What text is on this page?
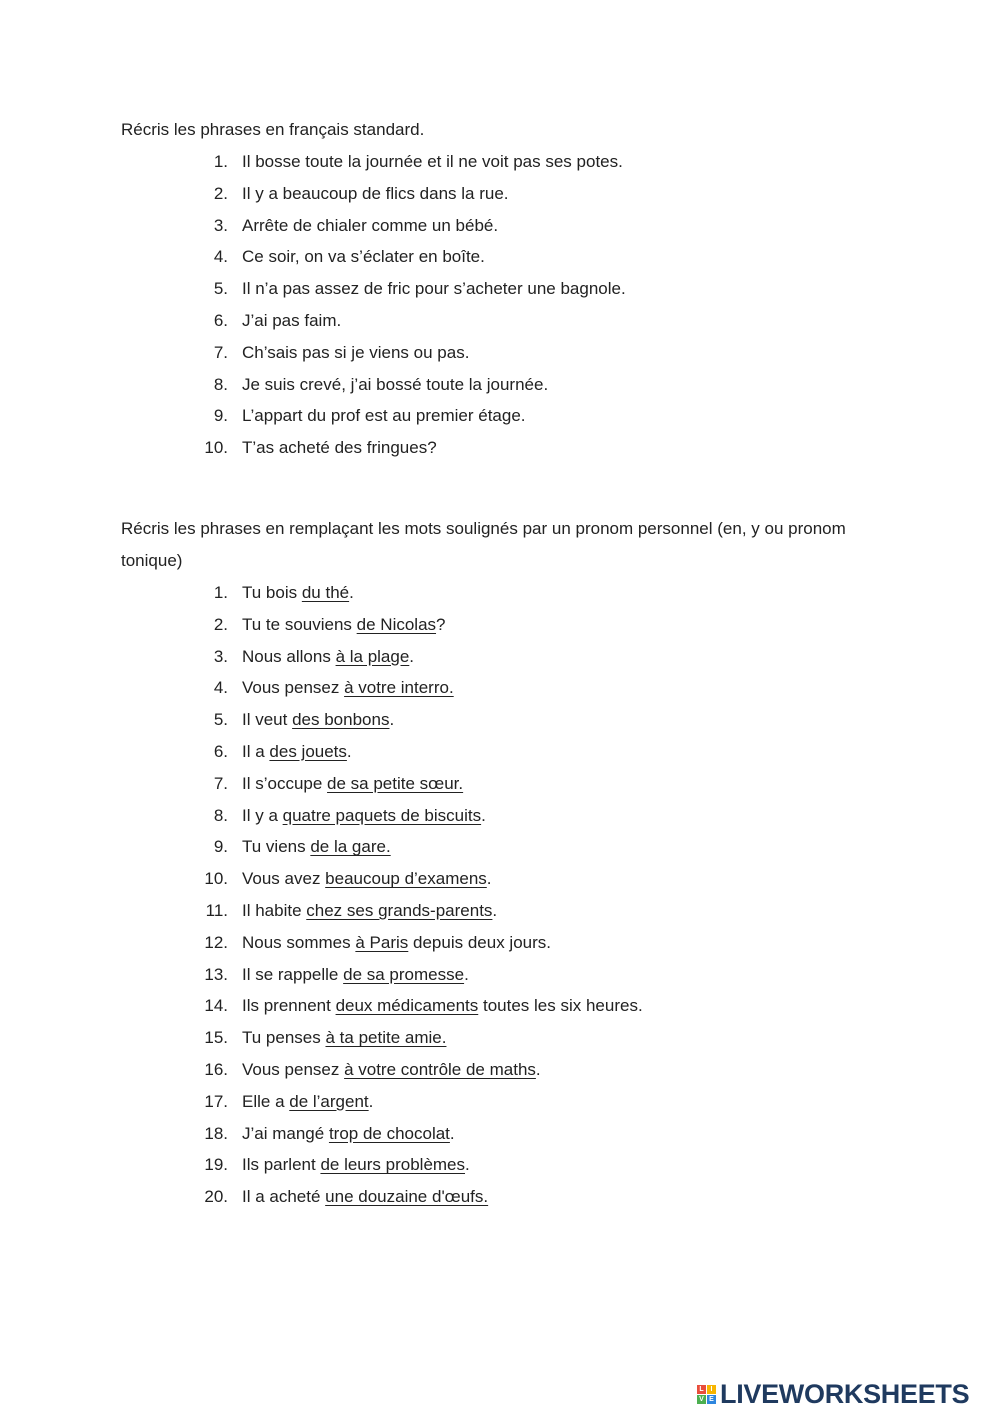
Récris les phrases en français standard.

1. Il bosse toute la journée et il ne voit pas ses potes.
2. Il y a beaucoup de flics dans la rue.
3. Arrête de chialer comme un bébé.
4. Ce soir, on va s’éclater en boîte.
5. Il n’a pas assez de fric pour s’acheter une bagnole.
6. J’ai pas faim.
7. Ch’sais pas si je viens ou pas.
8. Je suis crevé, j’ai bossé toute la journée.
9. L’appart du prof est au premier étage.
10. T’as acheté des fringues?

Récris les phrases en remplaçant les mots soulignés par un pronom personnel (en, y ou pronom tonique)

1. Tu bois du thé.
2. Tu te souviens de Nicolas?
3. Nous allons à la plage.
4. Vous pensez à votre interro.
5. Il veut des bonbons.
6. Il a des jouets.
7. Il s’occupe de sa petite sœur.
8. Il y a quatre paquets de biscuits.
9. Tu viens de la gare.
10. Vous avez beaucoup d’examens.
11. Il habite chez ses grands-parents.
12. Nous sommes à Paris depuis deux jours.
13. Il se rappelle de sa promesse.
14. Ils prennent deux médicaments toutes les six heures.
15. Tu penses à ta petite amie.
16. Vous pensez à votre contrôle de maths.
17. Elle a de l’argent.
18. J’ai mangé trop de chocolat.
19. Ils parlent de leurs problèmes.
20. Il a acheté une douzaine d'œufs.
L I
V E LIVEWORKSHEETS
